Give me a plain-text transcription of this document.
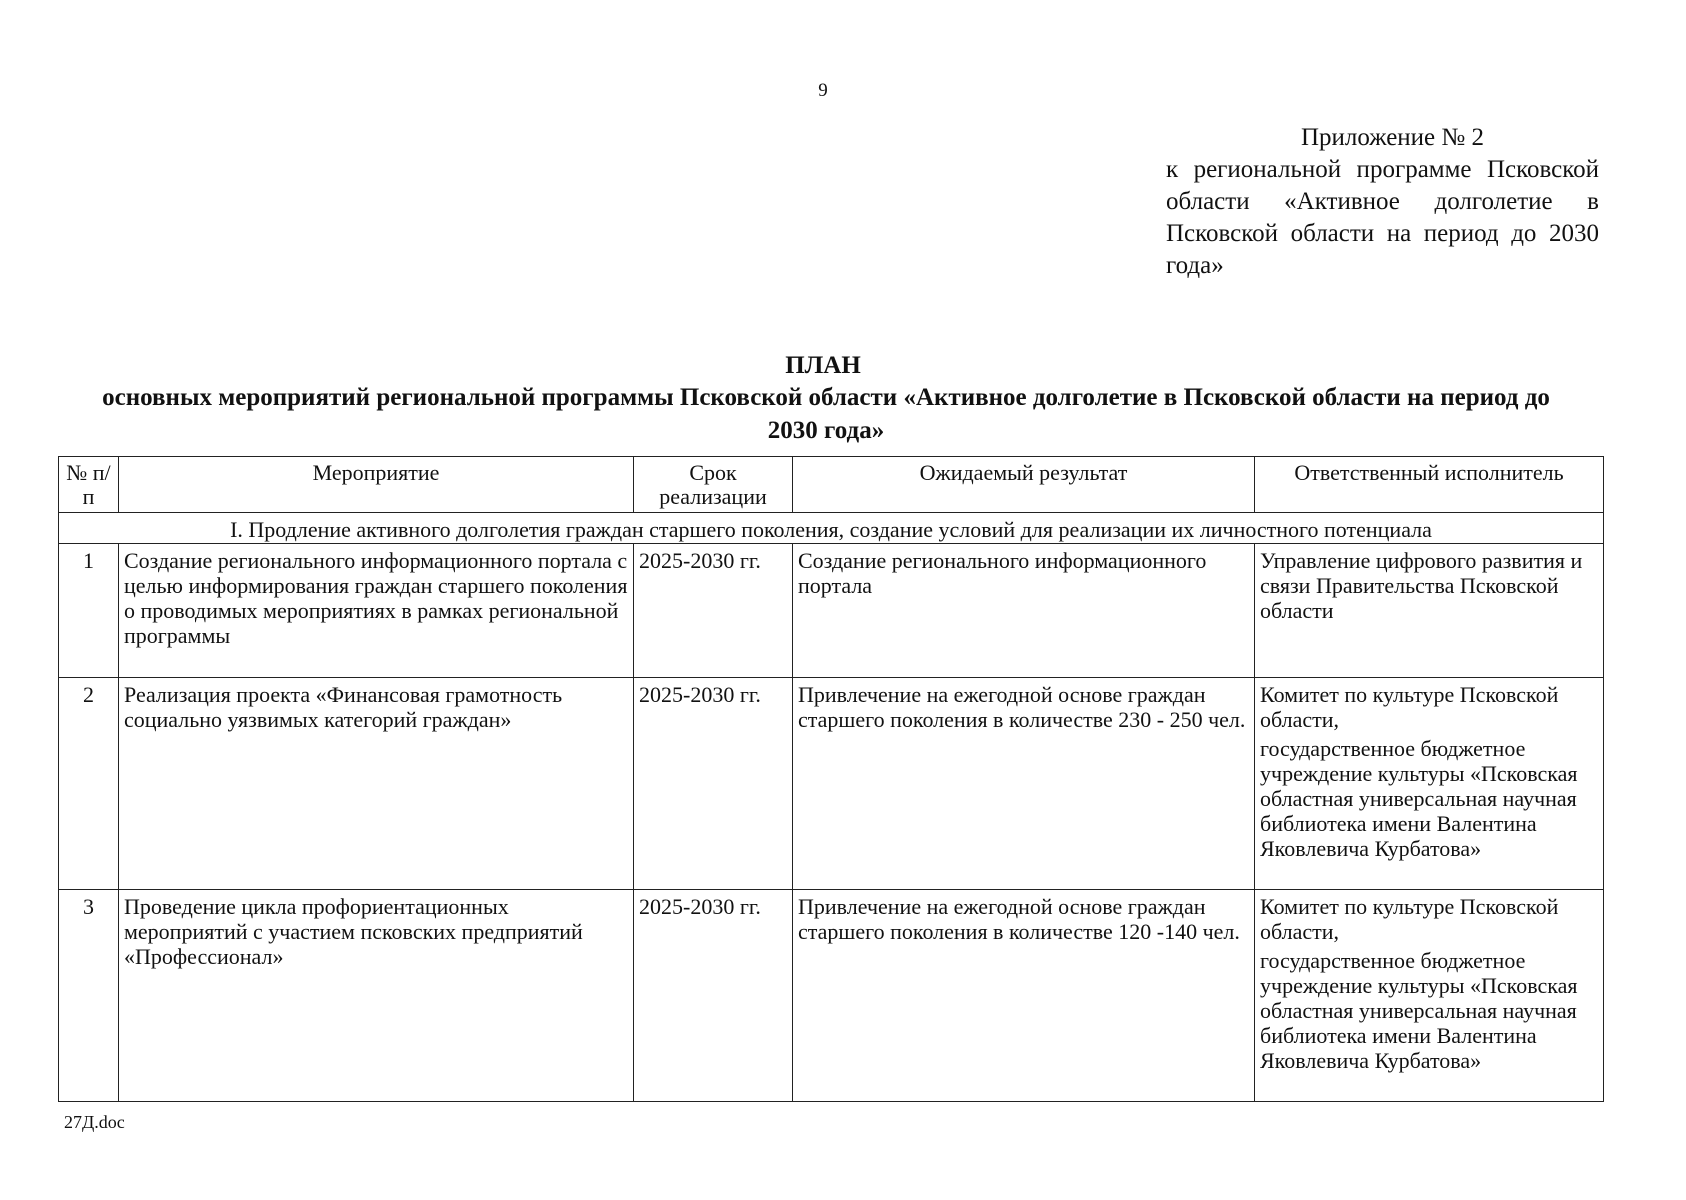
9
Приложение № 2
к региональной программе Псковской области «Активное долголетие в Псковской области на период до 2030 года»
ПЛАН
основных мероприятий региональной программы Псковской области «Активное долголетие в Псковской области на период до 2030 года»
№ п/п	Мероприятие	Срок реализации	Ожидаемый результат	Ответственный исполнитель
I. Продление активного долголетия граждан старшего поколения, создание условий для реализации их личностного потенциала				
1	Создание регионального информационного портала с целью информирования граждан старшего поколения о проводимых мероприятиях в рамках региональной программы	2025-2030 гг.	Создание регионального информационного портала	Управление цифрового развития и связи Правительства Псковской области

2	Реализация проекта «Финансовая грамотность социально уязвимых категорий граждан»	2025-2030 гг.	Привлечение на ежегодной основе граждан старшего поколения в количестве 230 - 250 чел.	Комитет по культуре Псковской области,
государственное бюджетное учреждение культуры «Псковская областная универсальная научная библиотека имени Валентина Яковлевича Курбатова»

3	Проведение цикла профориентационных мероприятий с участием псковских предприятий «Профессионал»	2025-2030 гг.	Привлечение на ежегодной основе граждан старшего поколения в количестве 120 -140 чел.	Комитет по культуре Псковской области,
государственное бюджетное учреждение культуры «Псковская областная универсальная научная библиотека имени Валентина Яковлевича Курбатова»
27Д.doc
